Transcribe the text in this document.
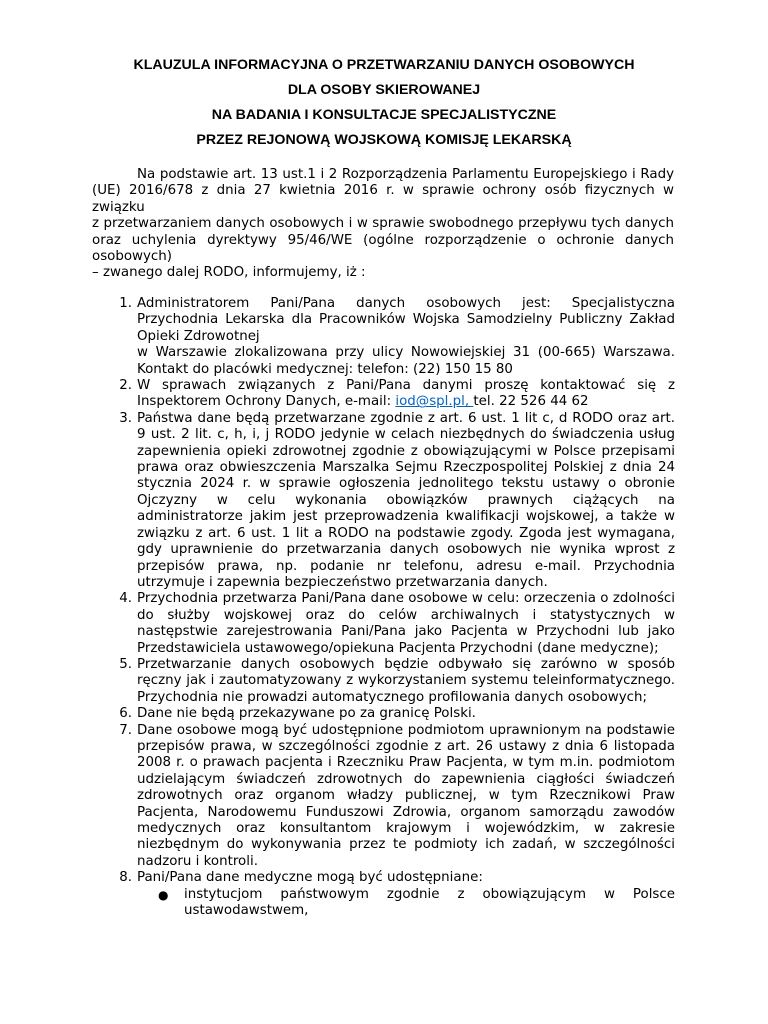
KLAUZULA INFORMACYJNA O PRZETWARZANIU DANYCH OSOBOWYCH
DLA OSOBY SKIEROWANEJ
NA BADANIA I KONSULTACJE SPECJALISTYCZNE
PRZEZ REJONOWĄ WOJSKOWĄ KOMISJĘ LEKARSKĄ
Na podstawie art. 13 ust.1 i 2 Rozporządzenia Parlamentu Europejskiego i Rady (UE) 2016/678 z dnia 27 kwietnia 2016 r. w sprawie ochrony osób fizycznych w związku
z przetwarzaniem danych osobowych i w sprawie swobodnego przepływu tych danych oraz uchylenia dyrektywy 95/46/WE (ogólne rozporządzenie o ochronie danych osobowych)
– zwanego dalej RODO, informujemy, iż :
1. Administratorem Pani/Pana danych osobowych jest: Specjalistyczna Przychodnia Lekarska dla Pracowników Wojska Samodzielny Publiczny Zakład Opieki Zdrowotnej
w Warszawie zlokalizowana przy ulicy Nowowiejskiej 31 (00-665) Warszawa. Kontakt do placówki medycznej: telefon: (22) 150 15 80
2. W sprawach związanych z Pani/Pana danymi proszę kontaktować się z Inspektorem Ochrony Danych, e-mail: iod@spl.pl, tel. 22 526 44 62
3. Państwa dane będą przetwarzane zgodnie z art. 6 ust. 1 lit c, d RODO oraz art. 9 ust. 2 lit. c, h, i, j RODO jedynie w celach niezbędnych do świadczenia usług zapewnienia opieki zdrowotnej zgodnie z obowiązującymi w Polsce przepisami prawa oraz obwieszczenia Marszalka Sejmu Rzeczpospolitej Polskiej z dnia 24 stycznia 2024 r. w sprawie ogłoszenia jednolitego tekstu ustawy o obronie Ojczyzny w celu wykonania obowiązków prawnych ciążących na administratorze jakim jest przeprowadzenia kwalifikacji wojskowej, a także w związku z art. 6 ust. 1 lit a RODO na podstawie zgody. Zgoda jest wymagana, gdy uprawnienie do przetwarzania danych osobowych nie wynika wprost z przepisów prawa, np. podanie nr telefonu, adresu e-mail. Przychodnia utrzymuje i zapewnia bezpieczeństwo przetwarzania danych.
4. Przychodnia przetwarza Pani/Pana dane osobowe w celu: orzeczenia o zdolności do służby wojskowej oraz do celów archiwalnych i statystycznych w następstwie zarejestrowania Pani/Pana jako Pacjenta w Przychodni lub jako Przedstawiciela ustawowego/opiekuna Pacjenta Przychodni (dane medyczne);
5. Przetwarzanie danych osobowych będzie odbywało się zarówno w sposób ręczny jak i zautomatyzowany z wykorzystaniem systemu teleinformatycznego. Przychodnia nie prowadzi automatycznego profilowania danych osobowych;
6. Dane nie będą przekazywane po za granicę Polski.
7. Dane osobowe mogą być udostępnione podmiotom uprawnionym na podstawie przepisów prawa, w szczególności zgodnie z art. 26 ustawy z dnia 6 listopada 2008 r. o prawach pacjenta i Rzeczniku Praw Pacjenta, w tym m.in. podmiotom udzielającym świadczeń zdrowotnych do zapewnienia ciągłości świadczeń zdrowotnych oraz organom władzy publicznej, w tym Rzecznikowi Praw Pacjenta, Narodowemu Funduszowi Zdrowia, organom samorządu zawodów medycznych oraz konsultantom krajowym i wojewódzkim, w zakresie niezbędnym do wykonywania przez te podmioty ich zadań, w szczególności nadzoru i kontroli.
8. Pani/Pana dane medyczne mogą być udostępniane:
● instytucjom państwowym zgodnie z obowiązującym w Polsce ustawodawstwem,
